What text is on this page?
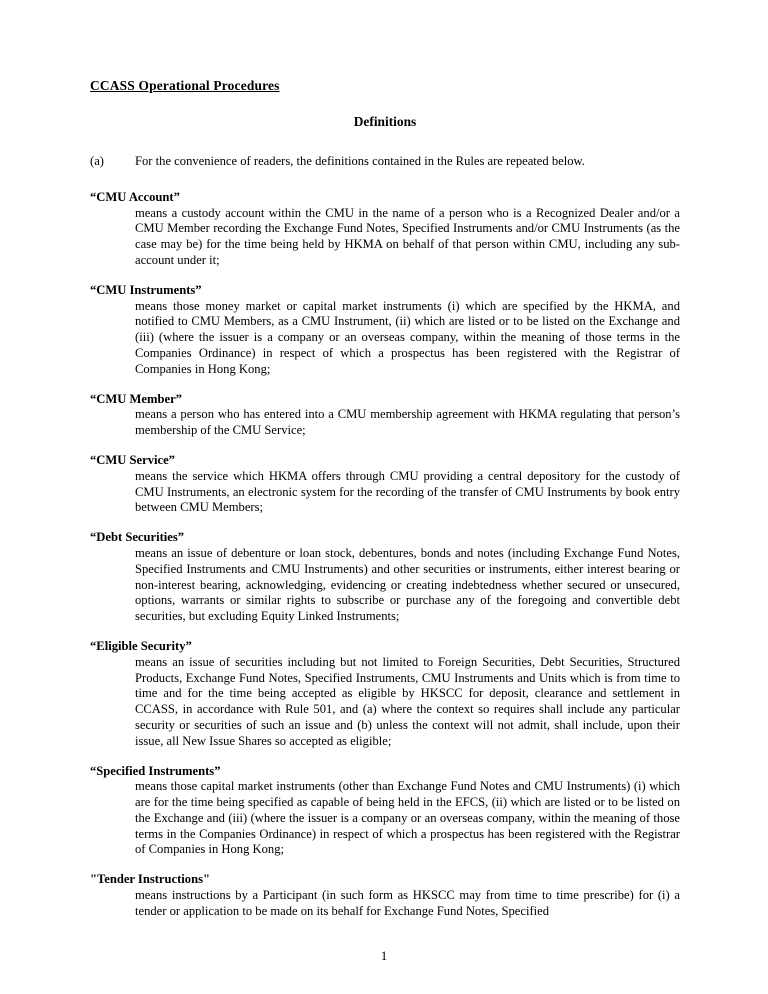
CCASS Operational Procedures
Definitions
(a) For the convenience of readers, the definitions contained in the Rules are repeated below.
“CMU Account”

means a custody account within the CMU in the name of a person who is a Recognized Dealer and/or a CMU Member recording the Exchange Fund Notes, Specified Instruments and/or CMU Instruments (as the case may be) for the time being held by HKMA on behalf of that person within CMU, including any sub-account under it;

“CMU Instruments”

means those money market or capital market instruments (i) which are specified by the HKMA, and notified to CMU Members, as a CMU Instrument, (ii) which are listed or to be listed on the Exchange and (iii) (where the issuer is a company or an overseas company, within the meaning of those terms in the Companies Ordinance) in respect of which a prospectus has been registered with the Registrar of Companies in Hong Kong;

“CMU Member”

means a person who has entered into a CMU membership agreement with HKMA regulating that person’s membership of the CMU Service;

“CMU Service”

means the service which HKMA offers through CMU providing a central depository for the custody of CMU Instruments, an electronic system for the recording of the transfer of CMU Instruments by book entry between CMU Members;

“Debt Securities”

means an issue of debenture or loan stock, debentures, bonds and notes (including Exchange Fund Notes, Specified Instruments and CMU Instruments) and other securities or instruments, either interest bearing or non-interest bearing, acknowledging, evidencing or creating indebtedness whether secured or unsecured, options, warrants or similar rights to subscribe or purchase any of the foregoing and convertible debt securities, but excluding Equity Linked Instruments;

“Eligible Security”

means an issue of securities including but not limited to Foreign Securities, Debt Securities, Structured Products, Exchange Fund Notes, Specified Instruments, CMU Instruments and Units which is from time to time and for the time being accepted as eligible by HKSCC for deposit, clearance and settlement in CCASS, in accordance with Rule 501, and (a) where the context so requires shall include any particular security or securities of such an issue and (b) unless the context will not admit, shall include, upon their issue, all New Issue Shares so accepted as eligible;

“Specified Instruments”

means those capital market instruments (other than Exchange Fund Notes and CMU Instruments) (i) which are for the time being specified as capable of being held in the EFCS, (ii) which are listed or to be listed on the Exchange and (iii) (where the issuer is a company or an overseas company, within the meaning of those terms in the Companies Ordinance) in respect of which a prospectus has been registered with the Registrar of Companies in Hong Kong;

"Tender Instructions"

means instructions by a Participant (in such form as HKSCC may from time to time prescribe) for (i) a tender or application to be made on its behalf for Exchange Fund Notes, Specified

1
